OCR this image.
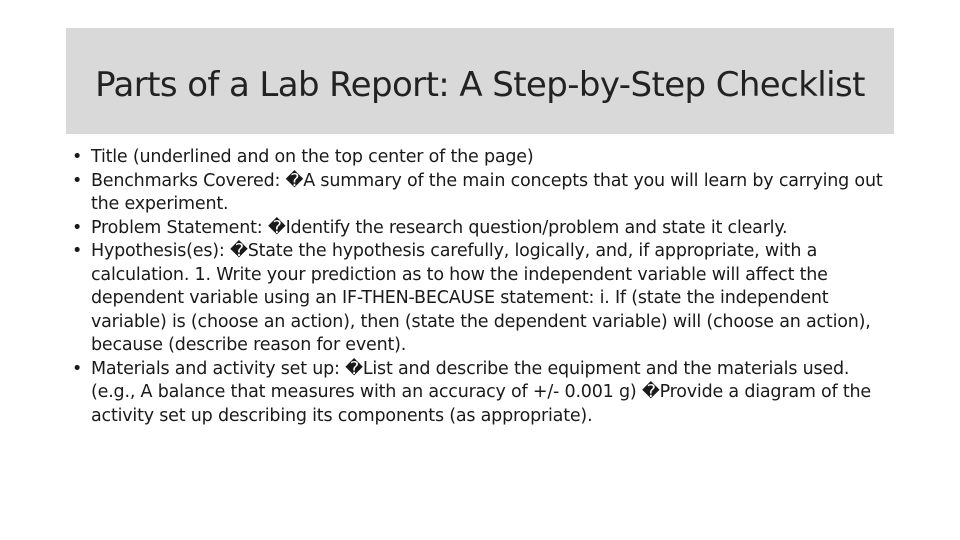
Parts of a Lab Report: A Step-by-Step Checklist
• Title (underlined and on the top center of the page)
• Benchmarks Covered: �A summary of the main concepts that you will learn by carrying out the experiment.
• Problem Statement: �Identify the research question/problem and state it clearly.
• Hypothesis(es): �State the hypothesis carefully, logically, and, if appropriate, with a calculation. 1. Write your prediction as to how the independent variable will affect the dependent variable using an IF-THEN-BECAUSE statement: i. If (state the independent variable) is (choose an action), then (state the dependent variable) will (choose an action), because (describe reason for event).
• Materials and activity set up: �List and describe the equipment and the materials used. (e.g., A balance that measures with an accuracy of +/- 0.001 g) �Provide a diagram of the activity set up describing its components (as appropriate).
